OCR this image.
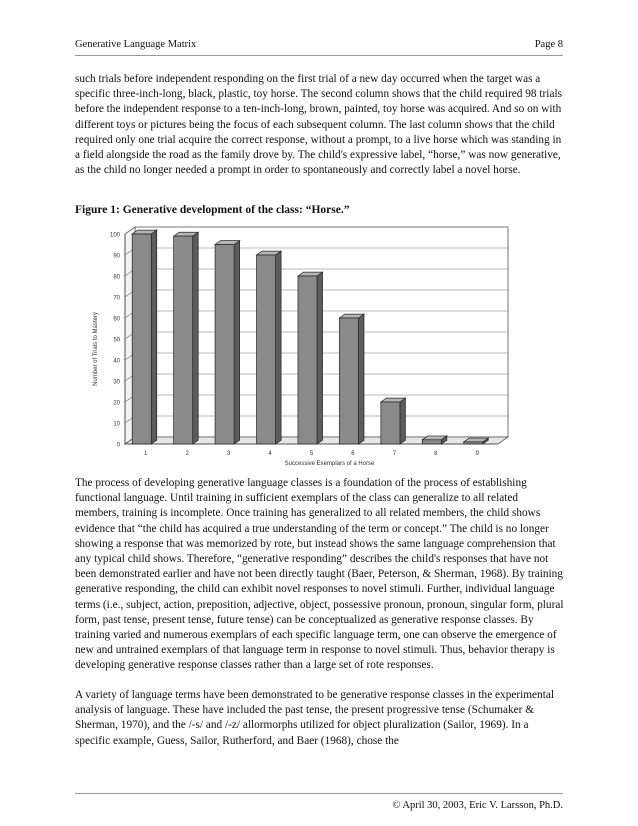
Generative Language Matrix	Page 8

such trials before independent responding on the first trial of a new day occurred when the target was a specific three-inch-long, black, plastic, toy horse. The second column shows that the child required 98 trials before the independent response to a ten-inch-long, brown, painted, toy horse was acquired. And so on with different toys or pictures being the focus of each subsequent column. The last column shows that the child required only one trial acquire the correct response, without a prompt, to a live horse which was standing in a field alongside the road as the family drove by. The child's expressive label, “horse,” was now generative, as the child no longer needed a prompt in order to spontaneously and correctly label a novel horse.

Figure 1: Generative development of the class: “Horse.”
0
10
20
30
40
50
60
70
80
90
100
1	2	3	4	5	6	7	8	9
Successive Exemplars of a Horse
Number of Trials to Mastery

The process of developing generative language classes is a foundation of the process of establishing functional language. Until training in sufficient exemplars of the class can generalize to all related members, training is incomplete. Once training has generalized to all related members, the child shows evidence that “the child has acquired a true understanding of the term or concept.” The child is no longer showing a response that was memorized by rote, but instead shows the same language comprehension that any typical child shows. Therefore, “generative responding” describes the child's responses that have not been demonstrated earlier and have not been directly taught (Baer, Peterson, & Sherman, 1968). By training generative responding, the child can exhibit novel responses to novel stimuli. Further, individual language terms (i.e., subject, action, preposition, adjective, object, possessive pronoun, pronoun, singular form, plural form, past tense, present tense, future tense) can be conceptualized as generative response classes. By training varied and numerous exemplars of each specific language term, one can observe the emergence of new and untrained exemplars of that language term in response to novel stimuli. Thus, behavior therapy is developing generative response classes rather than a large set of rote responses.

A variety of language terms have been demonstrated to be generative response classes in the experimental analysis of language. These have included the past tense, the present progressive tense (Schumaker & Sherman, 1970), and the /-s/ and /-z/ allormorphs utilized for object pluralization (Sailor, 1969). In a specific example, Guess, Sailor, Rutherford, and Baer (1968), chose the

© April 30, 2003, Eric V. Larsson, Ph.D.
